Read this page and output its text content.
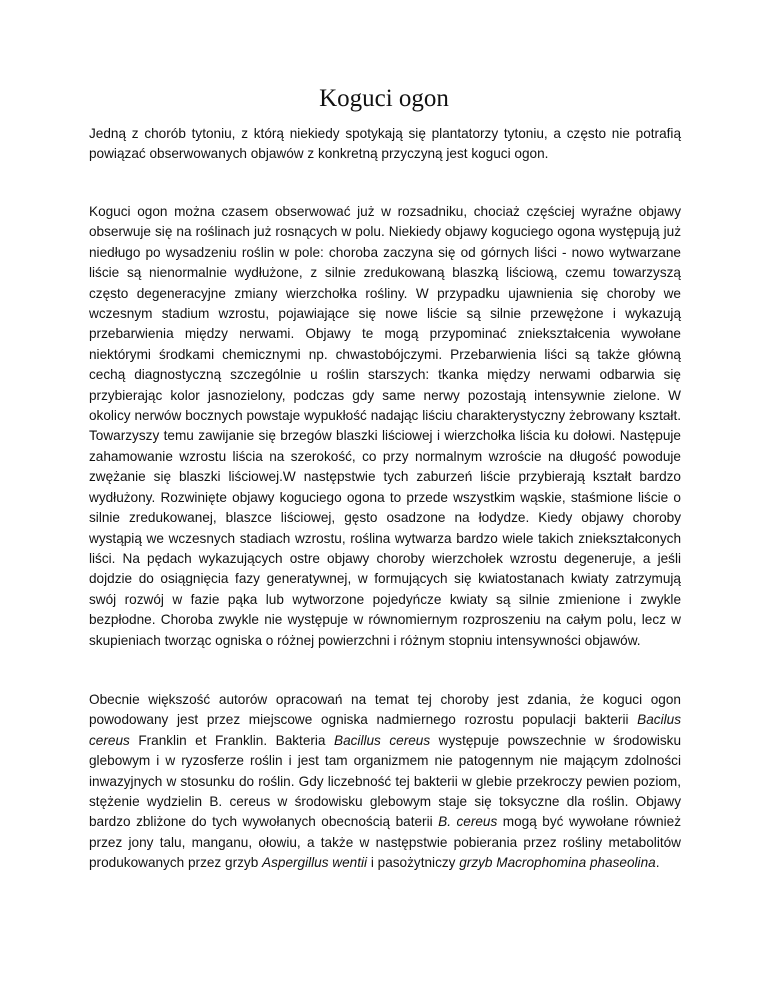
Koguci ogon

Jedną z chorób tytoniu, z którą niekiedy spotykają się plantatorzy tytoniu, a często nie potrafią powiązać obserwowanych objawów z konkretną przyczyną jest koguci ogon.

Koguci ogon można czasem obserwować już w rozsadniku, chociaż częściej wyraźne objawy obserwuje się na roślinach już rosnących w polu. Niekiedy objawy koguciego ogona występują już niedługo po wysadzeniu roślin w pole: choroba zaczyna się od górnych liści - nowo wytwarzane liście są nienormalnie wydłużone, z silnie zredukowaną blaszką liściową, czemu towarzyszą często degeneracyjne zmiany wierzchołka rośliny. W przypadku ujawnienia się choroby we wczesnym stadium wzrostu, pojawiające się nowe liście są silnie przewężone i wykazują przebarwienia między nerwami. Objawy te mogą przypominać zniekształcenia wywołane niektórymi środkami chemicznymi np. chwastobójczymi. Przebarwienia liści są także główną cechą diagnostyczną szczególnie u roślin starszych: tkanka między nerwami odbarwia się przybierając kolor jasnozielony, podczas gdy same nerwy pozostają intensywnie zielone. W okolicy nerwów bocznych powstaje wypukłość nadając liściu charakterystyczny żebrowany kształt. Towarzyszy temu zawijanie się brzegów blaszki liściowej i wierzchołka liścia ku dołowi. Następuje zahamowanie wzrostu liścia na szerokość, co przy normalnym wzroście na długość powoduje zwężanie się blaszki liściowej.W następstwie tych zaburzeń liście przybierają kształt bardzo wydłużony. Rozwinięte objawy koguciego ogona to przede wszystkim wąskie, staśmione liście o silnie zredukowanej, blaszce liściowej, gęsto osadzone na łodydze. Kiedy objawy choroby wystąpią we wczesnych stadiach wzrostu, roślina wytwarza bardzo wiele takich zniekształconych liści. Na pędach wykazujących ostre objawy choroby wierzchołek wzrostu degeneruje, a jeśli dojdzie do osiągnięcia fazy generatywnej, w formujących się kwiatostanach kwiaty zatrzymują swój rozwój w fazie pąka lub wytworzone pojedyńcze kwiaty są silnie zmienione i zwykle bezpłodne. Choroba zwykle nie występuje w równomiernym rozproszeniu na całym polu, lecz w skupieniach tworząc ogniska o różnej powierzchni i różnym stopniu intensywności objawów.

Obecnie większość autorów opracowań na temat tej choroby jest zdania, że koguci ogon powodowany jest przez miejscowe ogniska nadmiernego rozrostu populacji bakterii Bacilus cereus Franklin et Franklin. Bakteria Bacillus cereus występuje powszechnie w środowisku glebowym i w ryzosferze roślin i jest tam organizmem nie patogennym nie mającym zdolności inwazyjnych w stosunku do roślin. Gdy liczebność tej bakterii w glebie przekroczy pewien poziom, stężenie wydzielin B. cereus w środowisku glebowym staje się toksyczne dla roślin. Objawy bardzo zbliżone do tych wywołanych obecnością baterii B. cereus mogą być wywołane również przez jony talu, manganu, ołowiu, a także w następstwie pobierania przez rośliny metabolitów produkowanych przez grzyb Aspergillus wentii i pasożytniczy grzyb Macrophomina phaseolina.
